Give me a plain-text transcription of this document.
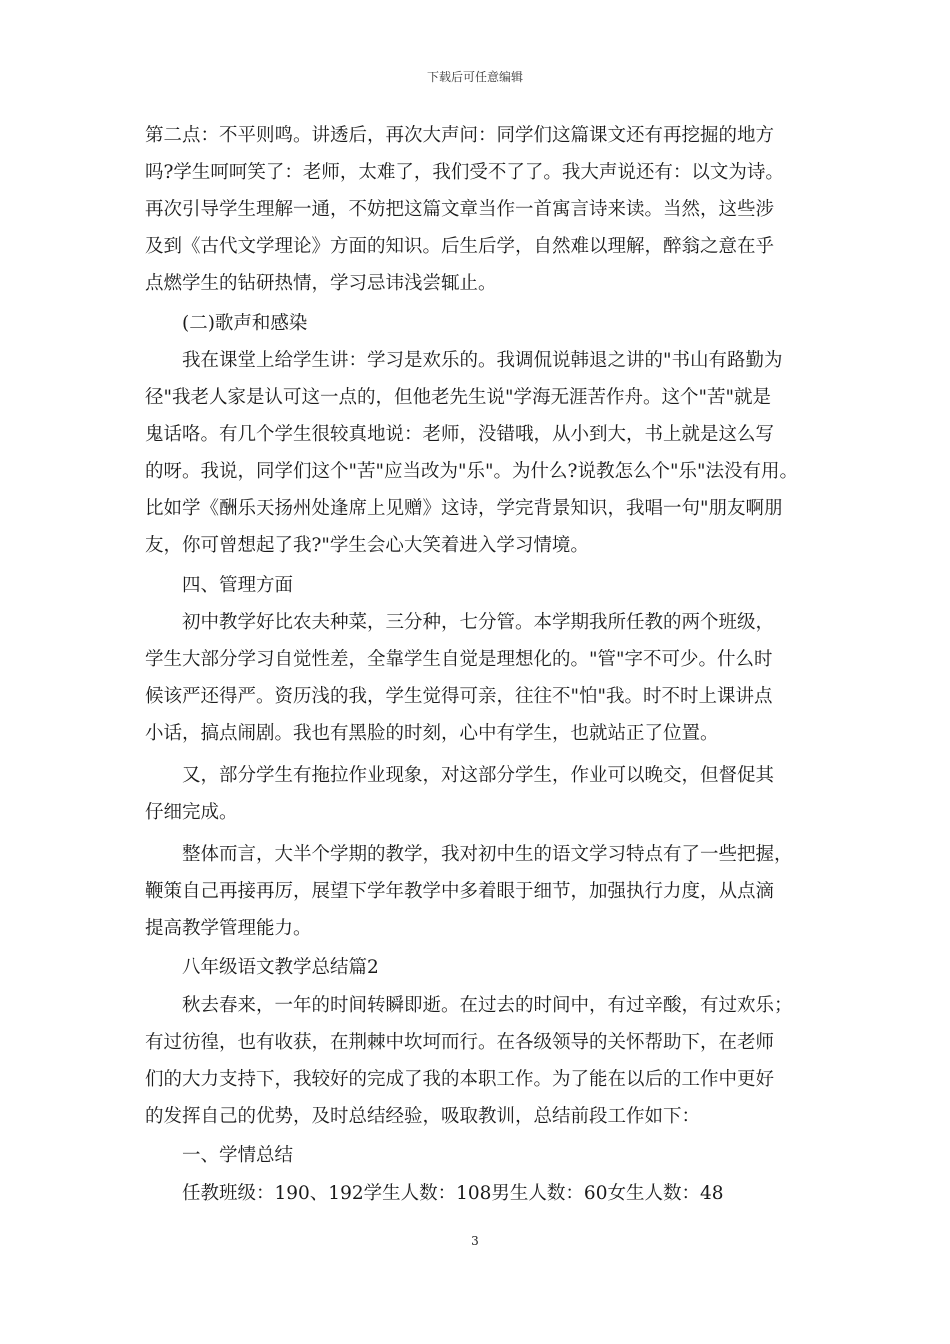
下载后可任意编辑
第二点：不平则鸣。讲透后，再次大声问：同学们这篇课文还有再挖掘的地方
吗?学生呵呵笑了：老师，太难了，我们受不了了。我大声说还有：以文为诗。
再次引导学生理解一通，不妨把这篇文章当作一首寓言诗来读。当然，这些涉
及到《古代文学理论》方面的知识。后生后学，自然难以理解，醉翁之意在乎
点燃学生的钻研热情，学习忌讳浅尝辄止。
(二)歌声和感染
我在课堂上给学生讲：学习是欢乐的。我调侃说韩退之讲的"书山有路勤为
径"我老人家是认可这一点的，但他老先生说"学海无涯苦作舟。这个"苦"就是
鬼话咯。有几个学生很较真地说：老师，没错哦，从小到大，书上就是这么写
的呀。我说，同学们这个"苦"应当改为"乐"。为什么?说教怎么个"乐"法没有用。
比如学《酬乐天扬州处逢席上见赠》这诗，学完背景知识，我唱一句"朋友啊朋
友，你可曾想起了我?"学生会心大笑着进入学习情境。
四、管理方面
初中教学好比农夫种菜，三分种，七分管。本学期我所任教的两个班级，
学生大部分学习自觉性差，全靠学生自觉是理想化的。"管"字不可少。什么时
候该严还得严。资历浅的我，学生觉得可亲，往往不"怕"我。时不时上课讲点
小话，搞点闹剧。我也有黑脸的时刻，心中有学生，也就站正了位置。
又，部分学生有拖拉作业现象，对这部分学生，作业可以晚交，但督促其
仔细完成。
整体而言，大半个学期的教学，我对初中生的语文学习特点有了一些把握，
鞭策自己再接再厉，展望下学年教学中多着眼于细节，加强执行力度，从点滴
提高教学管理能力。
八年级语文教学总结篇2
秋去春来，一年的时间转瞬即逝。在过去的时间中，有过辛酸，有过欢乐；
有过彷徨，也有收获，在荆棘中坎坷而行。在各级领导的关怀帮助下，在老师
们的大力支持下，我较好的完成了我的本职工作。为了能在以后的工作中更好
的发挥自己的优势，及时总结经验，吸取教训，总结前段工作如下：
一、学情总结
任教班级：190、192学生人数：108男生人数：60女生人数：48
3
